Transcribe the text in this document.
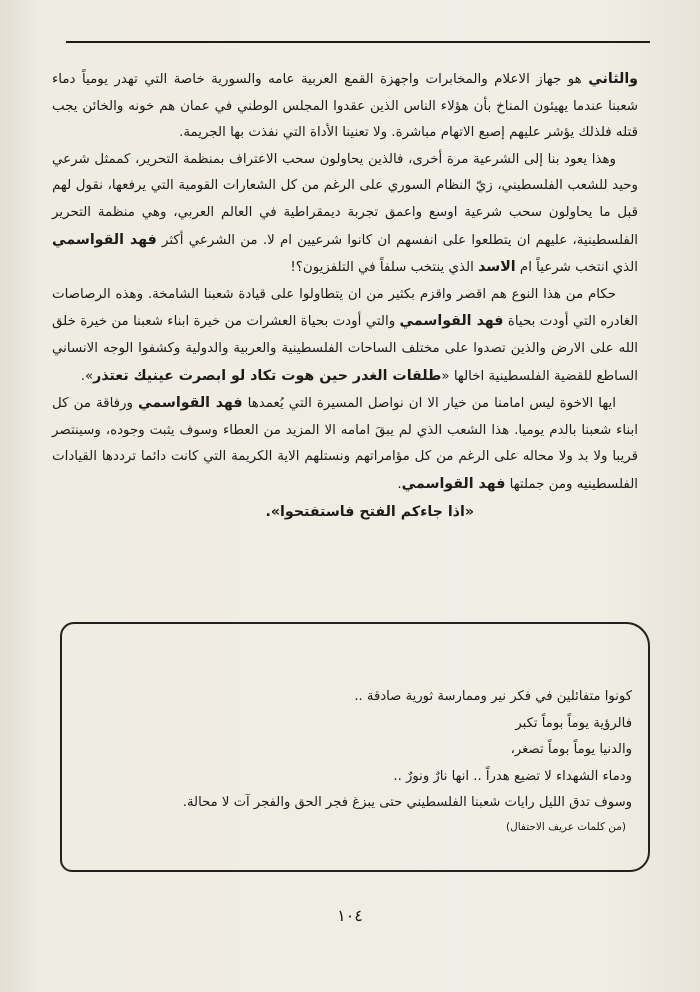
والثاني هو جهاز الاعلام والمخابرات واجهزة القمع العربية عامه والسورية خاصة التي تهدر يومياً دماء شعبنا عندما يهيئون المناخ بأن هؤلاء الناس الذين عقدوا المجلس الوطني في عمان هم خونه والخائن يجب قتله فلذلك يؤشر عليهم إصبع الاتهام مباشرة. ولا تعنينا الأداة التي نفذت بها الجريمة.

وهذا يعود بنا إلى الشرعية مرة أخرى، فالذين يحاولون سحب الاعتراف بمنظمة التحرير، كممثل شرعي وحيد للشعب الفلسطيني، زيّ النظام السوري على الرغم من كل الشعارات القومية التي يرفعها، نقول لهم قبل ما يحاولون سحب شرعية اوسع واعمق تجربة ديمقراطية في العالم العربي، وهي منظمة التحرير الفلسطينية، عليهم ان يتطلعوا على انفسهم ان كانوا شرعيين ام لا. من الشرعي أكثر فهد القواسمي الذي انتخب شرعياً ام الاسد الذي ينتخب سلفاً في التلفزيون؟!

حكام من هذا النوع هم اقصر واقزم بكثير من ان يتطاولوا على قيادة شعبنا الشامخة. وهذه الرصاصات الغادره التي أودت بحياة فهد القواسمي والتي أودت بحياة العشرات من خيرة ابناء شعبنا من خيرة خلق الله على الارض والذين تصدوا على مختلف الساحات الفلسطينية والعربية والدولية وكشفوا الوجه الانساني الساطع للقضية الفلسطينية اخالها «طلقات الغدر حين هوت تكاد لو ابصرت عينيك تعتذر».

ايها الاخوة ليس امامنا من خيار الا ان نواصل المسيرة التي يُعمدها فهد القواسمي ورفاقة من كل ابناء شعبنا بالدم يوميا. هذا الشعب الذي لم يبقَ امامه الا المزيد من العطاء وسوف يثبت وجوده، وسينتصر قريبا ولا بد ولا محاله على الرغم من كل مؤامراتهم ونستلهم الاية الكريمة التي كانت دائما ترددها القيادات الفلسطينيه ومن جملتها فهد القواسمي.

«اذا جاءكم الفتح فاستفتحوا».

كونوا متفائلين في فكر نير وممارسة ثورية صادقة ..
فالرؤية يوماً بوماً تكبر
والدنيا يوماً بوماً تصغر،
ودماء الشهداء لا تضيع هدراً .. انها نارٌ ونورٌ ..
وسوف تدق الليل رايات شعبنا الفلسطيني حتى يبزغ فجر الحق والفجر آت لا محالة.
(من كلمات عريف الاحتفال)
١٠٤
